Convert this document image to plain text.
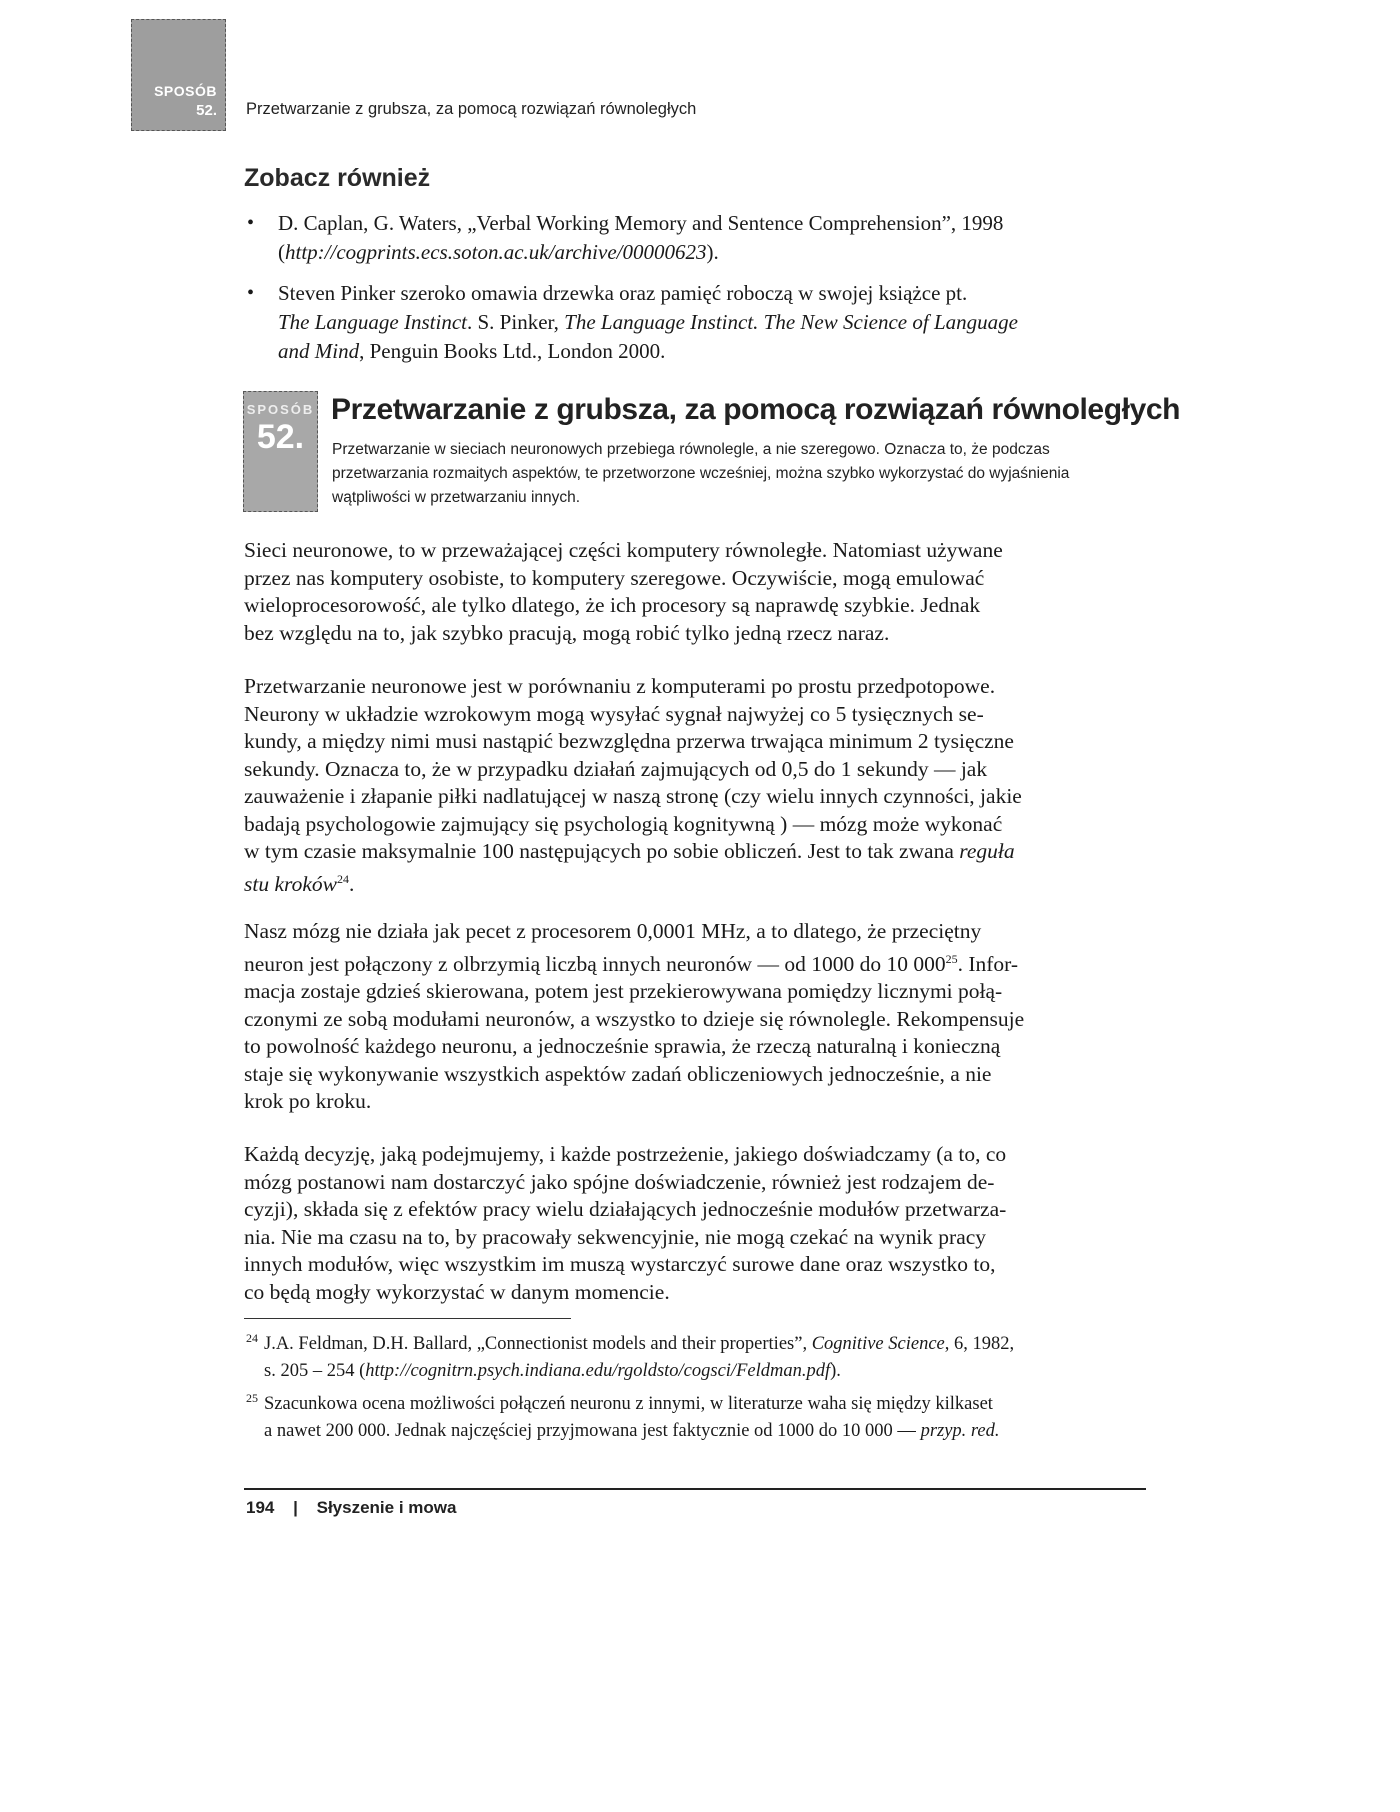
SPOSÓB
52. Przetwarzanie z grubsza, za pomocą rozwiązań równoległych
Zobacz również
• D. Caplan, G. Waters, „Verbal Working Memory and Sentence Comprehension”, 1998
(http://cogprints.ecs.soton.ac.uk/archive/00000623).
• Steven Pinker szeroko omawia drzewka oraz pamięć roboczą w swojej książce pt.
The Language Instinct. S. Pinker, The Language Instinct. The New Science of Language
and Mind, Penguin Books Ltd., London 2000.
SPOSÓB
52.
Przetwarzanie z grubsza, za pomocą rozwiązań równoległych

Przetwarzanie w sieciach neuronowych przebiega równolegle, a nie szeregowo. Oznacza to, że podczas
przetwarzania rozmaitych aspektów, te przetworzone wcześniej, można szybko wykorzystać do wyjaśnienia
wątpliwości w przetwarzaniu innych.

Sieci neuronowe, to w przeważającej części komputery równoległe. Natomiast używane
przez nas komputery osobiste, to komputery szeregowe. Oczywiście, mogą emulować
wieloprocesorowość, ale tylko dlatego, że ich procesory są naprawdę szybkie. Jednak
bez względu na to, jak szybko pracują, mogą robić tylko jedną rzecz naraz.

Przetwarzanie neuronowe jest w porównaniu z komputerami po prostu przedpotopowe.
Neurony w układzie wzrokowym mogą wysyłać sygnał najwyżej co 5 tysięcznych se-
kundy, a między nimi musi nastąpić bezwzględna przerwa trwająca minimum 2 tysięczne
sekundy. Oznacza to, że w przypadku działań zajmujących od 0,5 do 1 sekundy — jak
zauważenie i złapanie piłki nadlatującej w naszą stronę (czy wielu innych czynności, jakie
badają psychologowie zajmujący się psychologią kognitywną ) — mózg może wykonać
w tym czasie maksymalnie 100 następujących po sobie obliczeń. Jest to tak zwana reguła
stu kroków$^{24}$.

Nasz mózg nie działa jak pecet z procesorem 0,0001 MHz, a to dlatego, że przeciętny
neuron jest połączony z olbrzymią liczbą innych neuronów — od 1000 do 10 $000^{25}$. Infor-
macja zostaje gdzieś skierowana, potem jest przekierowywana pomiędzy licznymi połą-
czonymi ze sobą modułami neuronów, a wszystko to dzieje się równolegle. Rekompensuje
to powolność każdego neuronu, a jednocześnie sprawia, że rzeczą naturalną i konieczną
staje się wykonywanie wszystkich aspektów zadań obliczeniowych jednocześnie, a nie
krok po kroku.

Każdą decyzję, jaką podejmujemy, i każde postrzeżenie, jakiego doświadczamy (a to, co
mózg postanowi nam dostarczyć jako spójne doświadczenie, również jest rodzajem de-
cyzji), składa się z efektów pracy wielu działających jednocześnie modułów przetwarza-
nia. Nie ma czasu na to, by pracowały sekwencyjnie, nie mogą czekać na wynik pracy
innych modułów, więc wszystkim im muszą wystarczyć surowe dane oraz wszystko to,
co będą mogły wykorzystać w danym momencie.

24 J.A. Feldman, D.H. Ballard, „Connectionist models and their properties”, Cognitive Science, 6, 1982,
s. 205 – 254 (http://cognitrn.psych.indiana.edu/rgoldsto/cogsci/Feldman.pdf).
25 Szacunkowa ocena możliwości połączeń neuronu z innymi, w literaturze waha się między kilkaset
a nawet 200 000. Jednak najczęściej przyjmowana jest faktycznie od 1000 do 10 000 — przyp. red.
194 | Słyszenie i mowa
